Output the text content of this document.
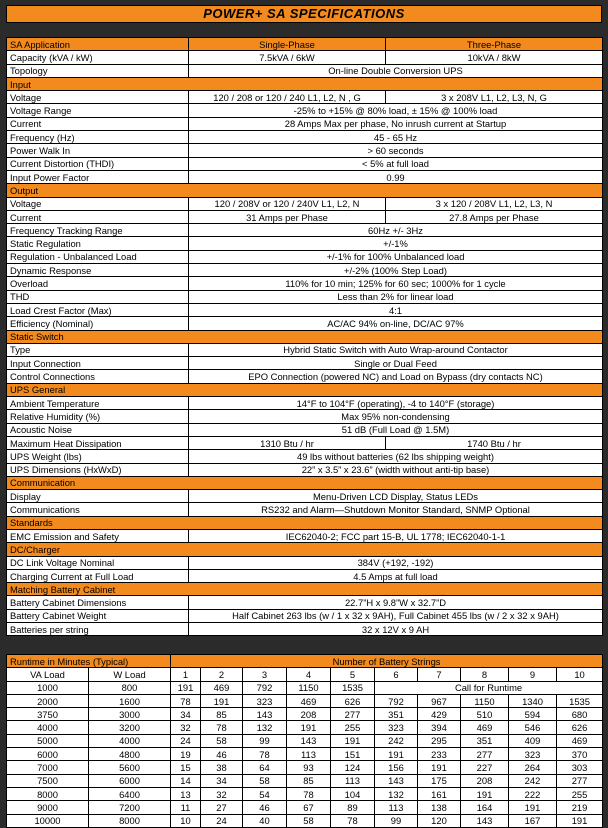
POWER+ SA SPECIFICATIONS
SA Application	Single-Phase	Three-Phase
Capacity (kVA / kW)	7.5kVA / 6kW	10kVA / 8kW
Topology	On-line Double Conversion UPS	
Input		
Voltage	120 / 208 or 120 / 240 L1, L2, N , G	3 x 208V L1, L2, L3, N, G
Voltage Range	-25% to +15% @ 80% load, ± 15% @ 100% load	
Current	28 Amps Max per phase, No inrush current at Startup	
Frequency (Hz)	45 - 65 Hz	
Power Walk In	> 60 seconds	
Current Distortion (THDI)	< 5% at full load	
Input Power Factor	0.99	
Output		
Voltage	120 / 208V or 120 / 240V L1, L2, N	3 x 120 / 208V L1, L2, L3, N
Current	31 Amps per Phase	27.8 Amps per Phase
Frequency Tracking Range	60Hz +/- 3Hz	
Static Regulation	+/-1%	
Regulation - Unbalanced Load	+/-1% for 100% Unbalanced load	
Dynamic Response	+/-2% (100% Step Load)	
Overload	110% for 10 min; 125% for 60 sec; 1000% for 1 cycle	
THD	Less than 2% for linear load	
Load Crest Factor (Max)	4:1	
Efficiency (Nominal)	AC/AC 94% on-line, DC/AC 97%	
Static Switch		
Type	Hybrid Static Switch with Auto Wrap-around Contactor	
Input Connection	Single or Dual Feed	
Control Connections	EPO Connection (powered NC) and Load on Bypass (dry contacts NC)	
UPS General		
Ambient Temperature	14°F to 104°F (operating), -4 to 140°F (storage)	
Relative Humidity (%)	Max 95% non-condensing	
Acoustic Noise	51 dB (Full Load @ 1.5M)	
Maximum Heat Dissipation	1310 Btu / hr	1740 Btu / hr
UPS Weight (lbs)	49 lbs without batteries (62 lbs shipping weight)	
UPS Dimensions (HxWxD)	22” x 3.5” x 23.6” (width without anti-tip base)	
Communication		
Display	Menu-Driven LCD Display, Status LEDs	
Communications	RS232 and Alarm—Shutdown Monitor Standard, SNMP Optional	
Standards		
EMC Emission and Safety	IEC62040-2; FCC part 15-B, UL 1778; IEC62040-1-1	
DC/Charger		
DC Link Voltage Nominal	384V (+192, -192)	
Charging Current at Full Load	4.5 Amps at full load	
Matching Battery Cabinet		
Battery Cabinet Dimensions	22.7”H x 9.8”W x 32.7”D	
Battery Cabinet Weight	Half Cabinet 263 lbs (w / 1 x 32 x 9AH), Full Cabinet 455 lbs (w / 2 x 32 x 9AH)	
Batteries per string	32 x 12V x 9 AH	
Runtime in Minutes (Typical)		Number of Battery Strings									
VA Load	W Load	1	2	3	4	5	6	7	8	9	10
1000	800	191	469	792	1150	1535	Call for Runtime				
2000	1600	78	191	323	469	626	792	967	1150	1340	1535
3750	3000	34	85	143	208	277	351	429	510	594	680
4000	3200	32	78	132	191	255	323	394	469	546	626
5000	4000	24	58	99	143	191	242	295	351	409	469
6000	4800	19	46	78	113	151	191	233	277	323	370
7000	5600	15	38	64	93	124	156	191	227	264	303
7500	6000	14	34	58	85	113	143	175	208	242	277
8000	6400	13	32	54	78	104	132	161	191	222	255
9000	7200	11	27	46	67	89	113	138	164	191	219
10000	8000	10	24	40	58	78	99	120	143	167	191
